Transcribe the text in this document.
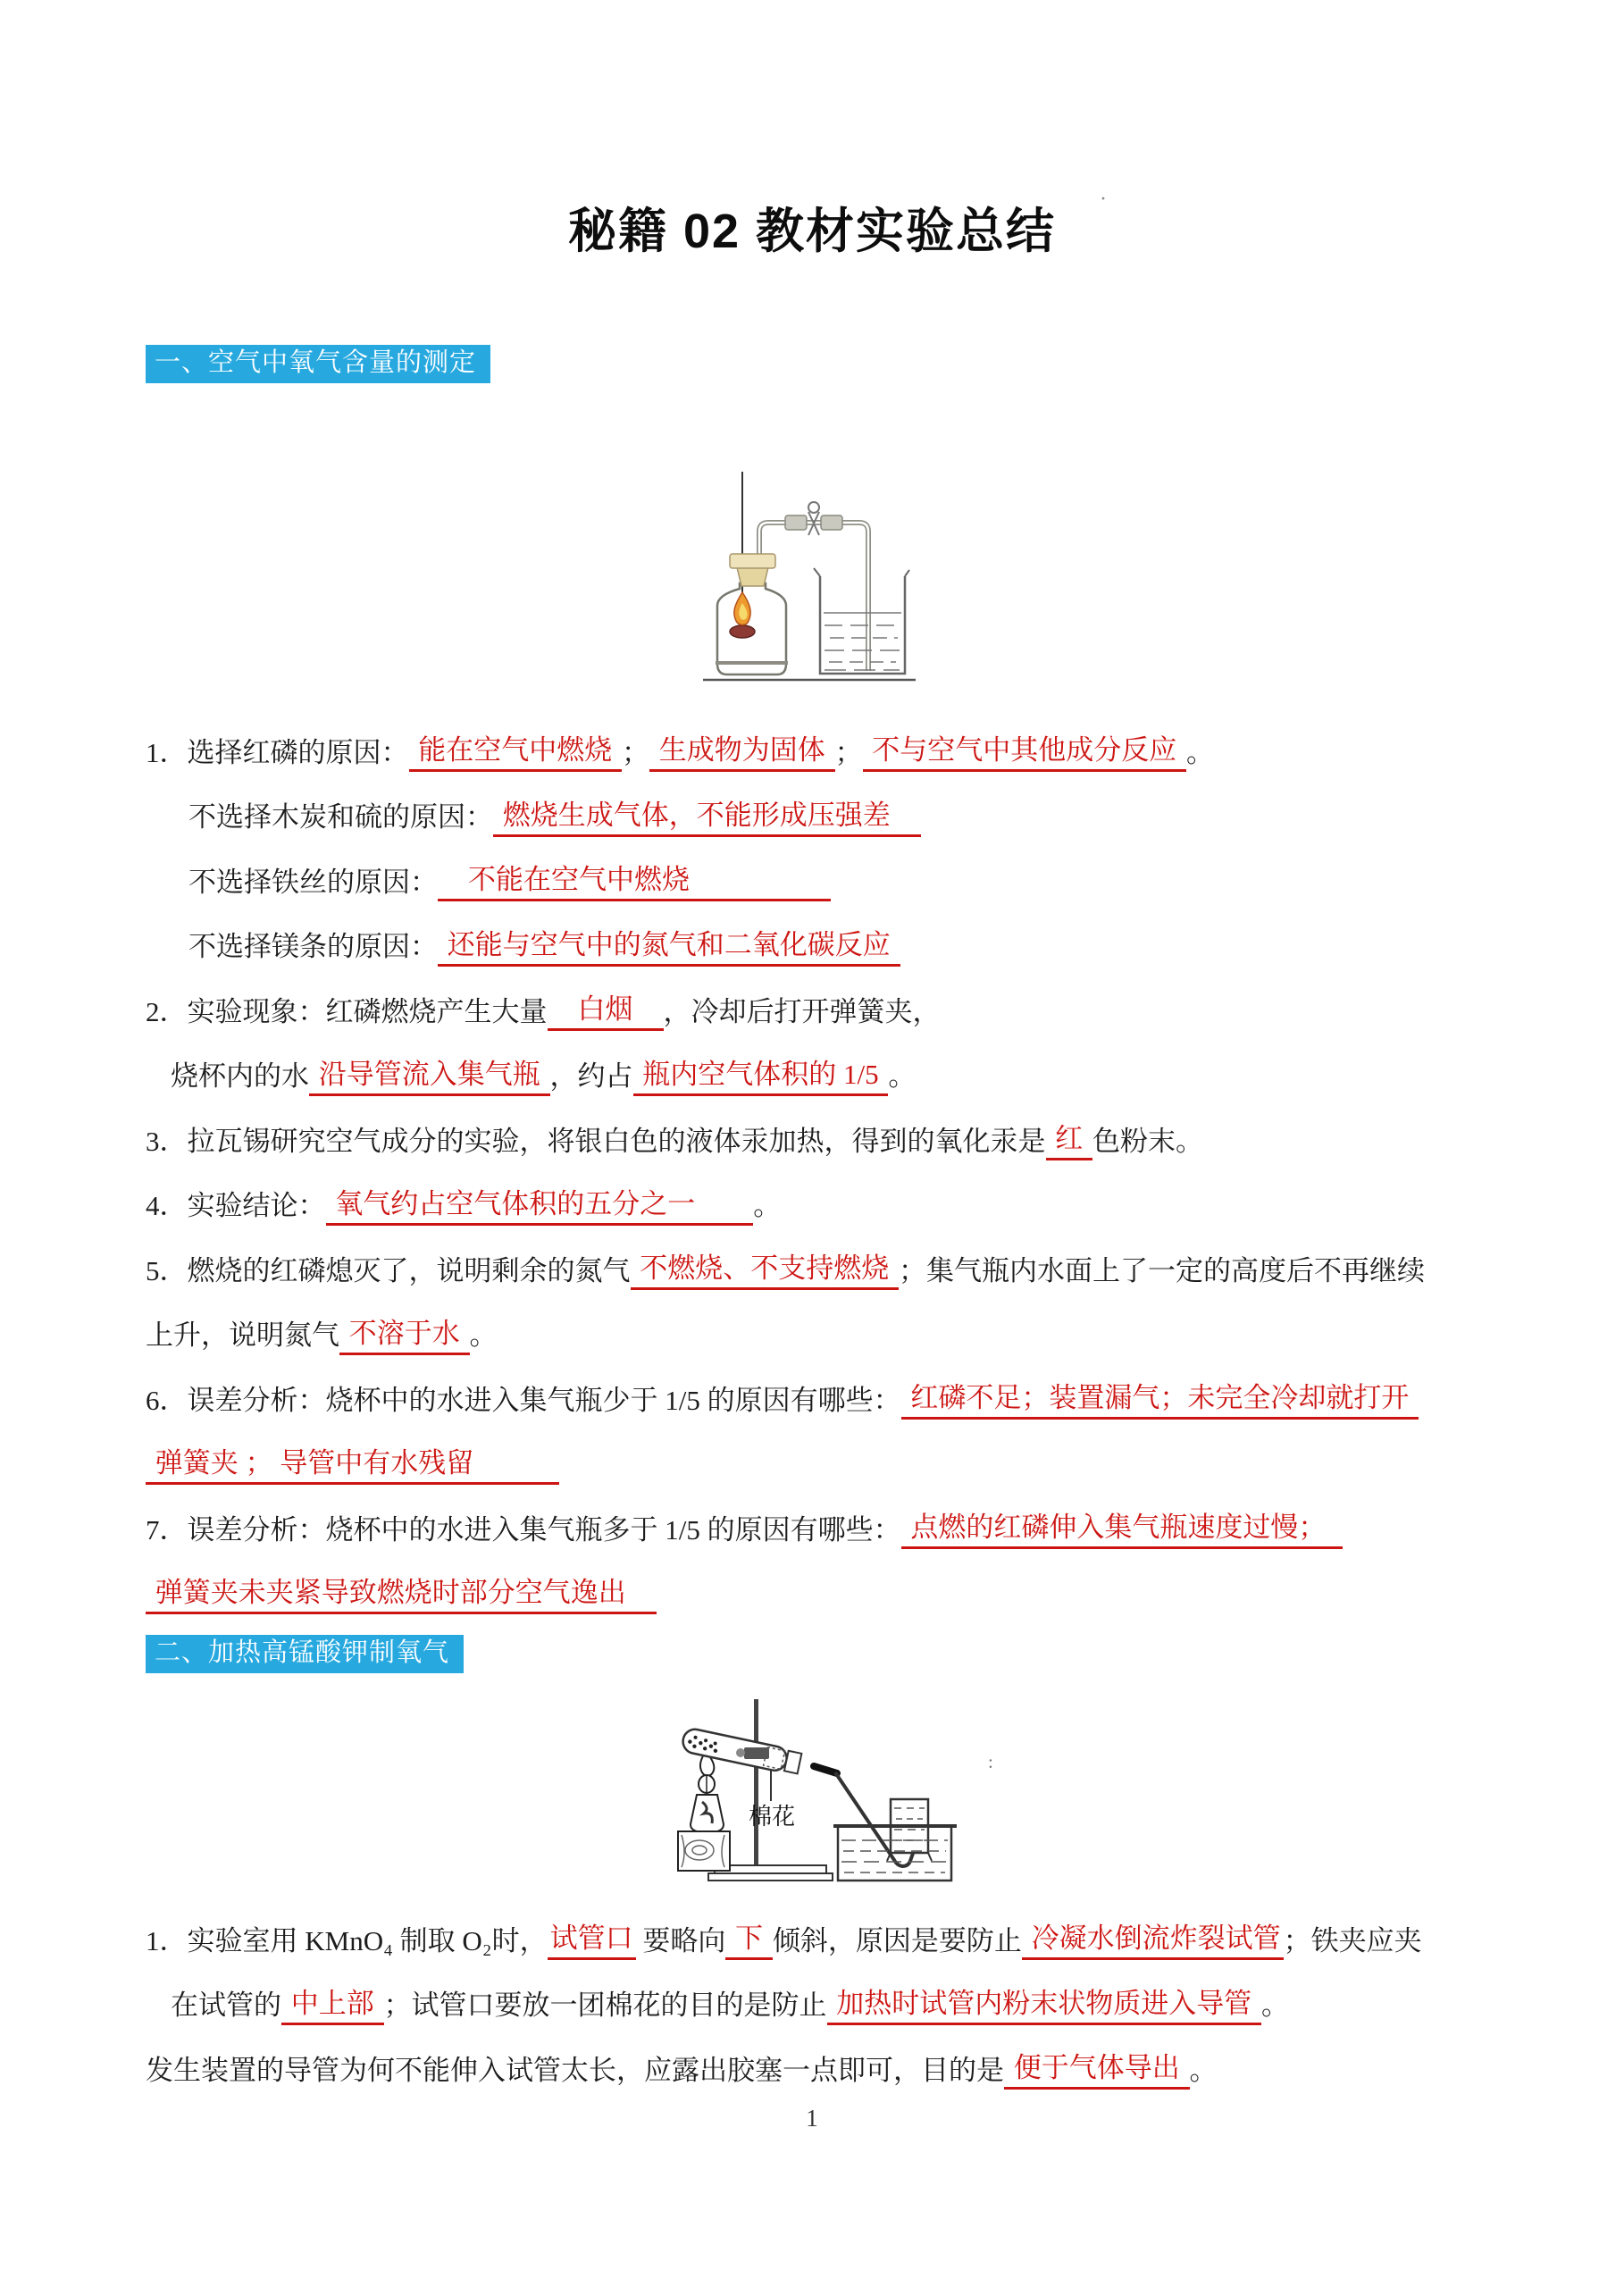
秘籍 02 教材实验总结
·
一、空气中氧气含量的测定
1．选择红磷的原因： 能在空气中燃烧 ； 生成物为固体 ； 不与空气中其他成分反应 。
不选择木炭和硫的原因： 燃烧生成气体，不能形成压强差　
不选择铁丝的原因： 　不能在空气中燃烧　　　　　
不选择镁条的原因： 还能与空气中的氮气和二氧化碳反应
2．实验现象：红磷燃烧产生大量 　白烟　 ，冷却后打开弹簧夹，
烧杯内的水 沿导管流入集气瓶 ，约占 瓶内空气体积的 1/5 。
3．拉瓦锡研究空气成分的实验，将银白色的液体汞加热，得到的氧化汞是 红 色粉末。
4．实验结论： 氧气约占空气体积的五分之一　　 。
5．燃烧的红磷熄灭了，说明剩余的氮气 不燃烧、不支持燃烧 ；集气瓶内水面上了一定的高度后不再继续
上升，说明氮气 不溶于水 。
6．误差分析：烧杯中的水进入集气瓶少于 1/5 的原因有哪些： 红磷不足；装置漏气；未完全冷却就打开
弹簧夹 ； 导管中有水残留　　　
7．误差分析：烧杯中的水进入集气瓶多于 1/5 的原因有哪些： 点燃的红磷伸入集气瓶速度过慢；　
弹簧夹未夹紧导致燃烧时部分空气逸出　
二、加热高锰酸钾制氧气
棉花
:
1．实验室用 KMnO₄ 制取 O₂时， 试管口 要略向 下 倾斜，原因是要防止 冷凝水倒流炸裂试管 ；铁夹应夹
在试管的 中上部 ；试管口要放一团棉花的目的是防止 加热时试管内粉末状物质进入导管 。
发生装置的导管为何不能伸入试管太长，应露出胶塞一点即可，目的是 便于气体导出 。
1
